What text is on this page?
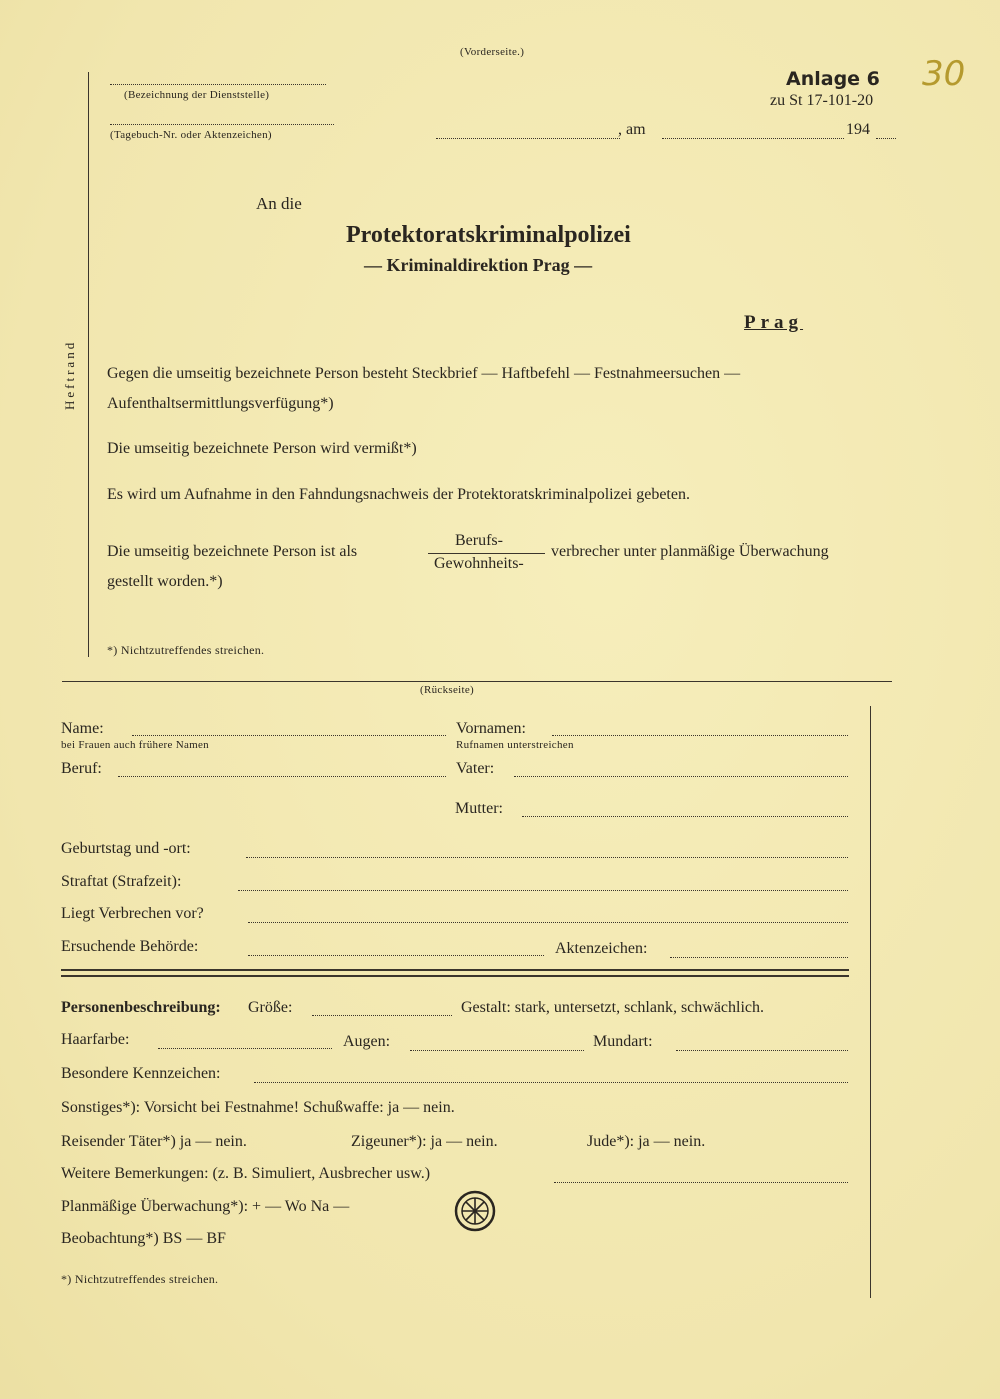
(Vorderseite.)
(Bezeichnung der Dienststelle)
(Tagebuch-Nr. oder Aktenzeichen)	, am	194
Anlage 6
zu St 17-101-20
30
Heftrand
An die
Protektoratskriminalpolizei
— Kriminaldirektion Prag —
Prag
Gegen die umseitig bezeichnete Person besteht Steckbrief — Haftbefehl — Festnahmeersuchen —
Aufenthaltsermittlungsverfügung*)
Die umseitig bezeichnete Person wird vermißt*)
Es wird um Aufnahme in den Fahndungsnachweis der Protektoratskriminalpolizei gebeten.
Die umseitig bezeichnete Person ist als
Berufs-
Gewohnheits-
verbrecher unter planmäßige Überwachung
gestellt worden.*)
*) Nichtzutreffendes streichen.
(Rückseite)
Name:
bei Frauen auch frühere Namen
Vornamen:
Rufnamen unterstreichen
Beruf:	Vater:
Mutter:
Geburtstag und -ort:
Straftat (Strafzeit):
Liegt Verbrechen vor?
Ersuchende Behörde:	Aktenzeichen:
Personenbeschreibung: Größe:	Gestalt: stark, untersetzt, schlank, schwächlich.
Haarfarbe:	Augen:	Mundart:
Besondere Kennzeichen:
Sonstiges*): Vorsicht bei Festnahme! Schußwaffe: ja — nein.
Reisender Täter*) ja — nein.	Zigeuner*): ja — nein.	Jude*): ja — nein.
Weitere Bemerkungen: (z. B. Simuliert, Ausbrecher usw.)
Planmäßige Überwachung*): + — Wo Na —
Beobachtung*) BS — BF
*) Nichtzutreffendes streichen.
